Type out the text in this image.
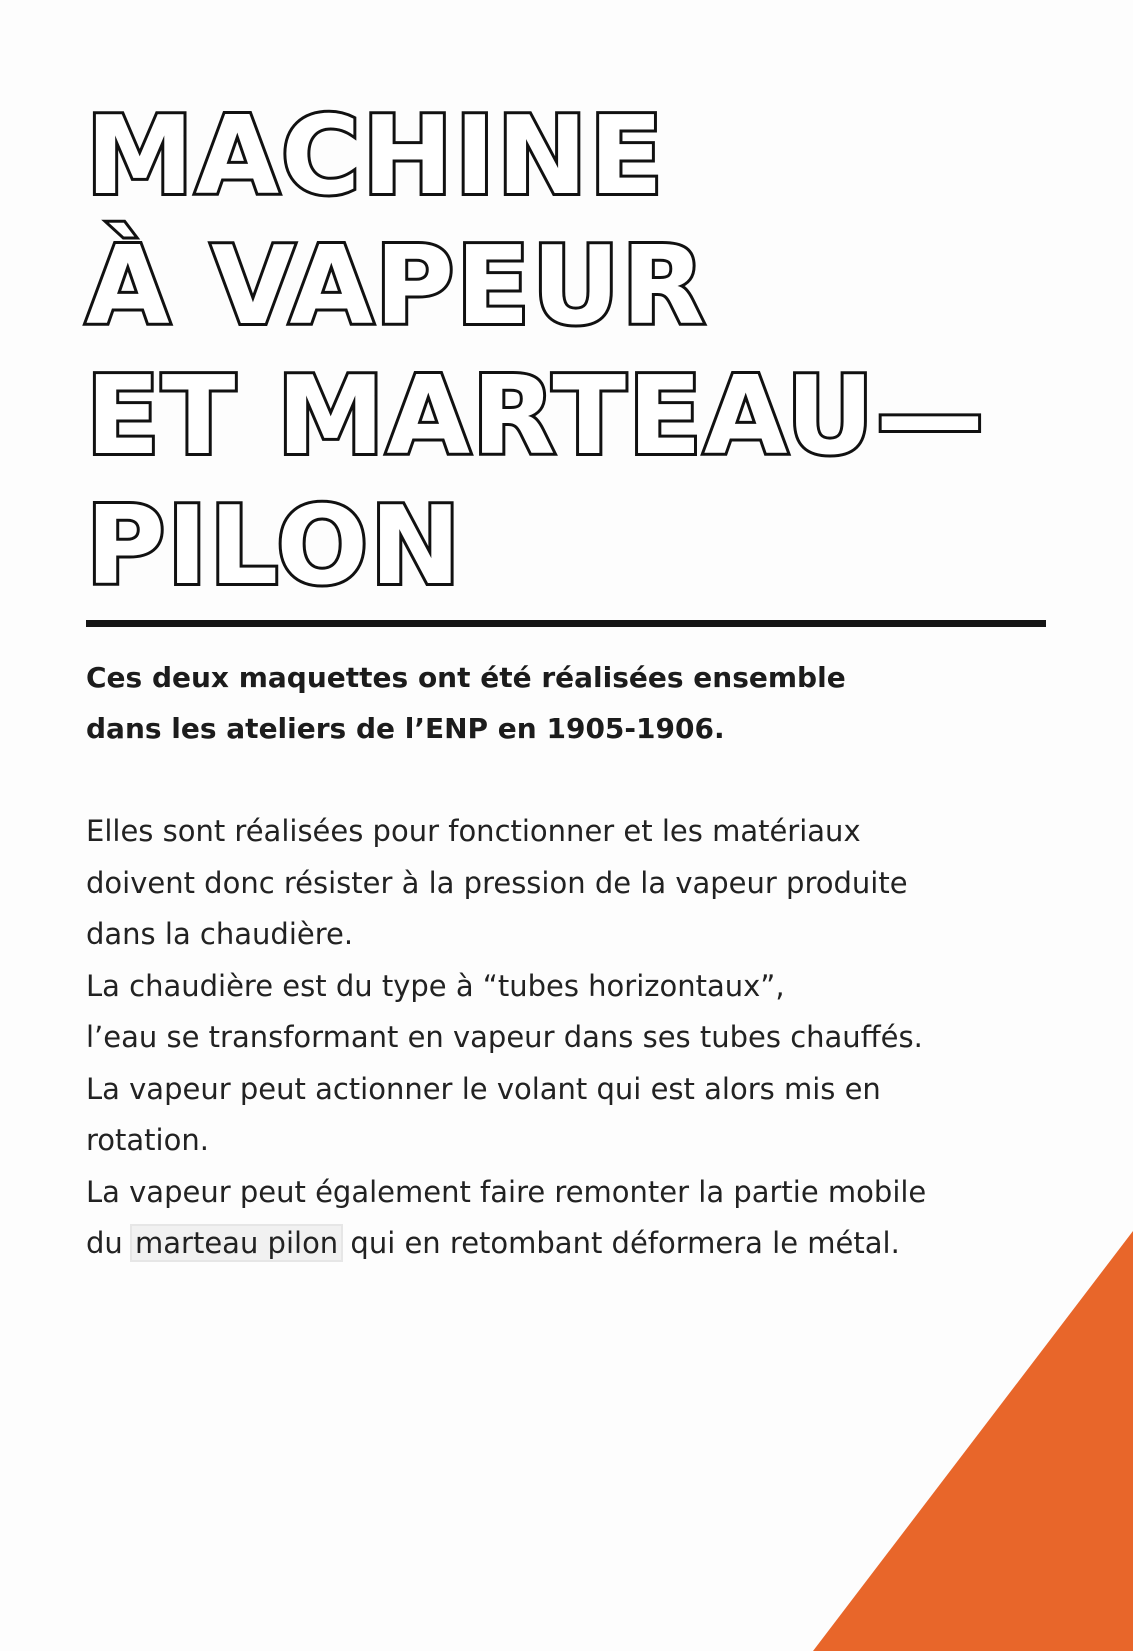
MACHINE
À VAPEUR
ET MARTEAU—
PILON

Ces deux maquettes ont été réalisées ensemble
dans les ateliers de l’ENP en 1905-1906.

Elles sont réalisées pour fonctionner et les matériaux
doivent donc résister à la pression de la vapeur produite
dans la chaudière.
La chaudière est du type à “tubes horizontaux”,
l’eau se transformant en vapeur dans ses tubes chauffés.
La vapeur peut actionner le volant qui est alors mis en
rotation.
La vapeur peut également faire remonter la partie mobile
du marteau pilon qui en retombant déformera le métal.
